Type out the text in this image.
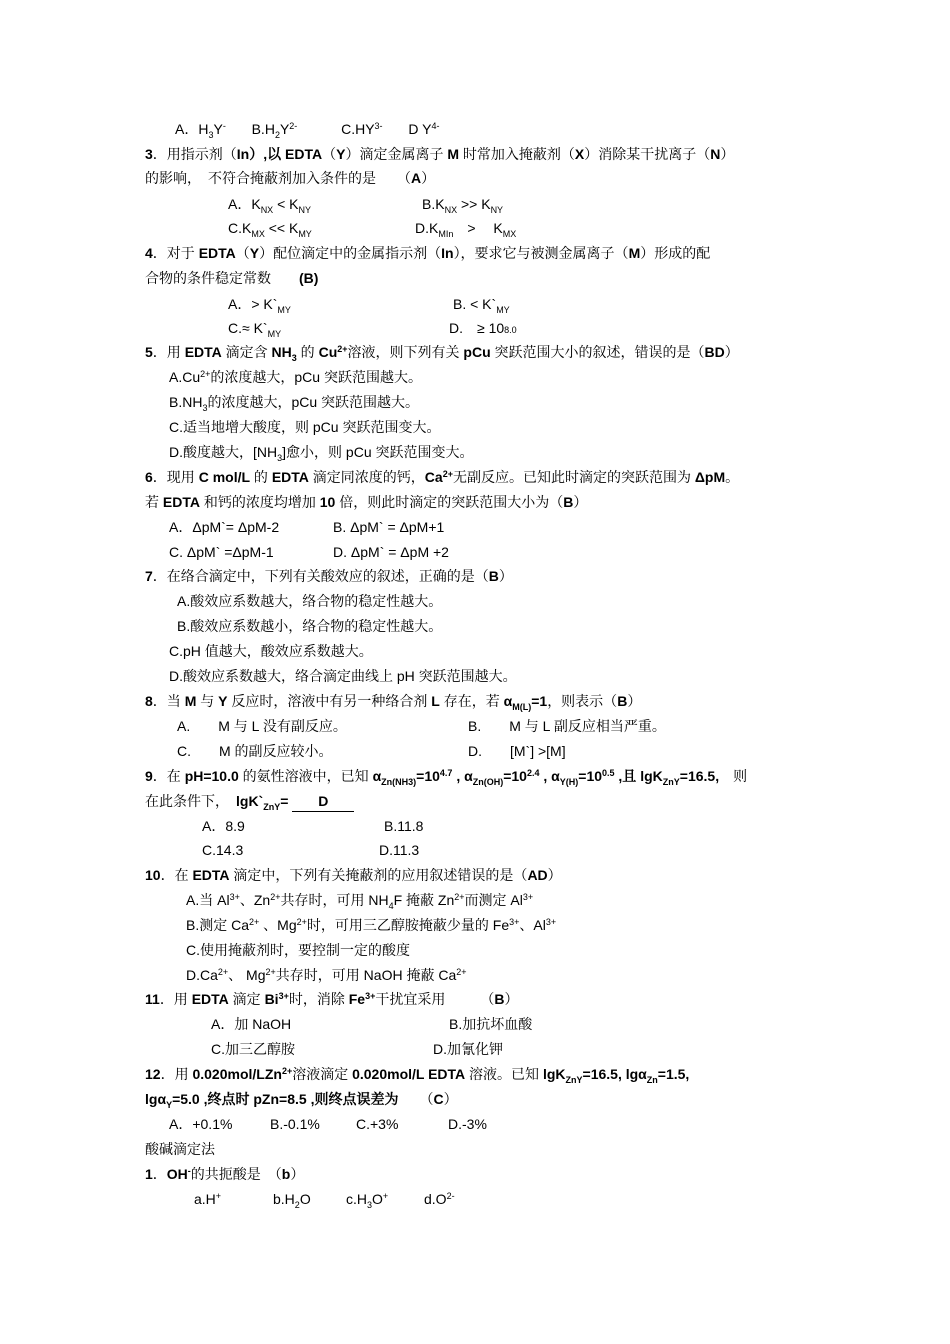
A．$H_3Y^-$ $B.H_2Y^{2-}$	$C.HY^{3-}$ D $Y^{4-}$
3．用指示剂（In）,以 EDTA（Y）滴定金属离子 M 时常加入掩蔽剂（X）消除某干扰离子（N）
的影响，　不符合掩蔽剂加入条件的是　　（A）
A．$K_{NX} < K_{NY}$	$B.K_{NX} >> K_{NY}$
$C.K_{MX} << K_{MY}$	$D.K_{MIn}$　>　 $K_{MX}$
4．对于 EDTA（Y）配位滴定中的金属指示剂（In），要求它与被测金属离子（M）形成的配
合物的条件稳定常数　　(B)
A．> $K`_{MY}$	B. < $K`_{MY}$
$C.\approx K`_{MY}$	D.　≥ 108.0
5．用 EDTA 滴定含 $NH_3$ 的 $Cu^{2+}$溶液，则下列有关 pCu 突跃范围大小的叙述，错误的是（BD）
$A.Cu^{2+}$的浓度越大，pCu 突跃范围越大。
$B.NH_3$的浓度越大，pCu 突跃范围越大。
C.适当地增大酸度，则 pCu 突跃范围变大。
D.酸度越大，$[NH_3]$愈小，则 pCu 突跃范围变大。
6．现用 C mol/L 的 EDTA 滴定同浓度的钙，$Ca^{2+}$无副反应。已知此时滴定的突跃范围为 ΔpM。
若 EDTA 和钙的浓度均增加 10 倍，则此时滴定的突跃范围大小为（B）
A．ΔpM`= ΔpM-2	B. ΔpM` = ΔpM+1
C. ΔpM` =ΔpM-1	D. ΔpM` = ΔpM +2
7．在络合滴定中，下列有关酸效应的叙述，正确的是（B）
A.酸效应系数越大，络合物的稳定性越大。
B.酸效应系数越小，络合物的稳定性越大。
C.pH 值越大，酸效应系数越大。
D.酸效应系数越大，络合滴定曲线上 pH 突跃范围越大。
8．当 M 与 Y 反应时，溶液中有另一种络合剂 L 存在，若 $\alpha_{M(L)}=1$，则表示（B）
A.　　M 与 L 没有副反应。	B.　　M 与 L 副反应相当严重。
C.　　M 的副反应较小。	D.　　[M`] >[M]
9．在 pH=10.0 的氨性溶液中，已知 $\alpha_{Zn(NH3)}=10^{4.7}$ , $\alpha_{Zn(OH)}=10^{2.4}$ , $\alpha_{Y(H)}=10^{0.5}$ ,且 lgK$_{ZnY}$=16.5,　则
在此条件下，　$\lg K`_{ZnY}= D$
A．8.9	B.11.8
C.14.3	D.11.3
10．在 EDTA 滴定中，下列有关掩蔽剂的应用叙述错误的是（AD）
A.当 $Al^{3+}$、$Zn^{2+}$共存时，可用 $NH_4F$ 掩蔽 $Zn^{2+}$而测定 $Al^{3+}$
B.测定 $Ca^{2+}$ 、$Mg^{2+}$时，可用三乙醇胺掩蔽少量的 $Fe^{3+}$、$Al^{3+}$
C.使用掩蔽剂时，要控制一定的酸度
$D.Ca^{2+}$、 $Mg^{2+}$共存时，可用 NaOH 掩蔽 $Ca^{2+}$
11．用 EDTA 滴定 $Bi^{3+}$时，消除 $Fe^{3+}$干扰宜采用　　　（B）
A．加 NaOH	B.加抗坏血酸
C.加三乙醇胺	D.加氰化钾
12．用 0.020mol/LZn$^{2+}$溶液滴定 0.020mol/L EDTA 溶液。已知 lgK$_{ZnY}$=16.5, lgα$_{Zn}$=1.5,
lgα$_Y$=5.0 ,终点时 pZn=8.5 ,则终点误差为　　（C）
A．+0.1%	B.-0.1%	C.+3%	D.-3%
酸碱滴定法
1．OH-的共扼酸是　（b）
a.H+	$b.H_2O$	$c.H_3O^+$	$d.O^{2-}$
